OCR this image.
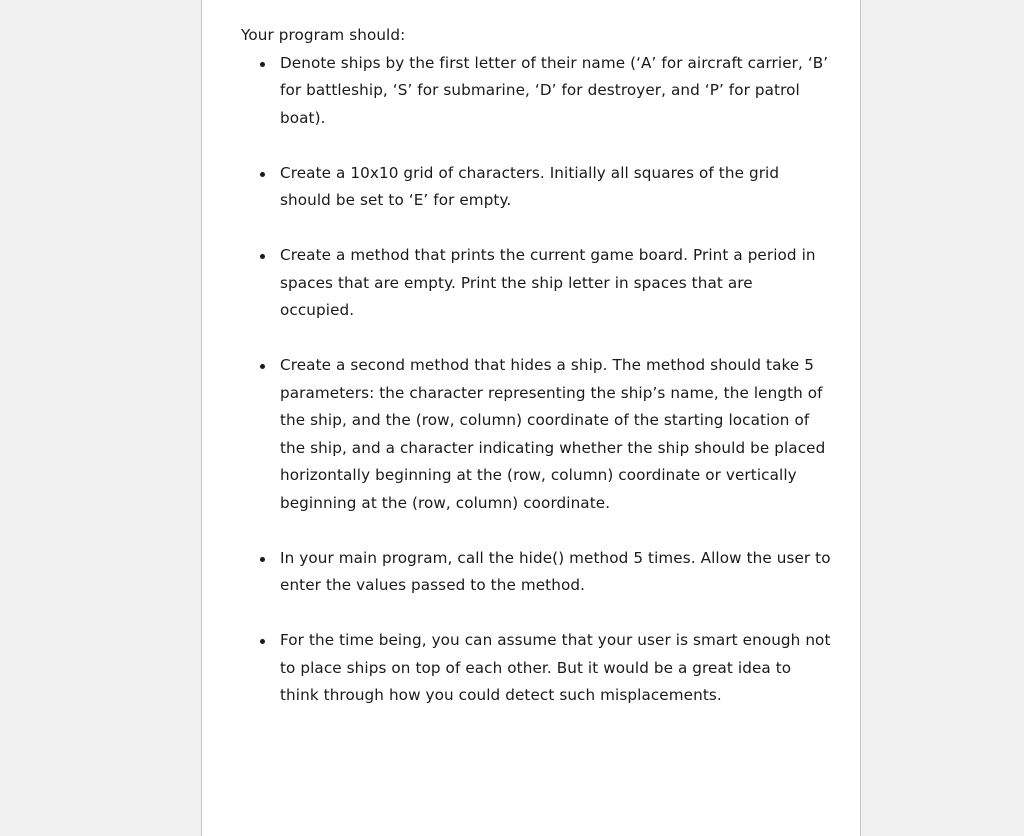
Your program should:

Denote ships by the first letter of their name (‘A’ for aircraft carrier, ‘B’ for battleship, ‘S’ for submarine, ‘D’ for destroyer, and ‘P’ for patrol boat).
Create a 10x10 grid of characters. Initially all squares of the grid should be set to ‘E’ for empty.
Create a method that prints the current game board. Print a period in spaces that are empty. Print the ship letter in spaces that are occupied.
Create a second method that hides a ship. The method should take 5 parameters: the character representing the ship’s name, the length of the ship, and the (row, column) coordinate of the starting location of the ship, and a character indicating whether the ship should be placed horizontally beginning at the (row, column) coordinate or vertically beginning at the (row, column) coordinate.
In your main program, call the hide() method 5 times. Allow the user to enter the values passed to the method.
For the time being, you can assume that your user is smart enough not to place ships on top of each other. But it would be a great idea to think through how you could detect such misplacements.
